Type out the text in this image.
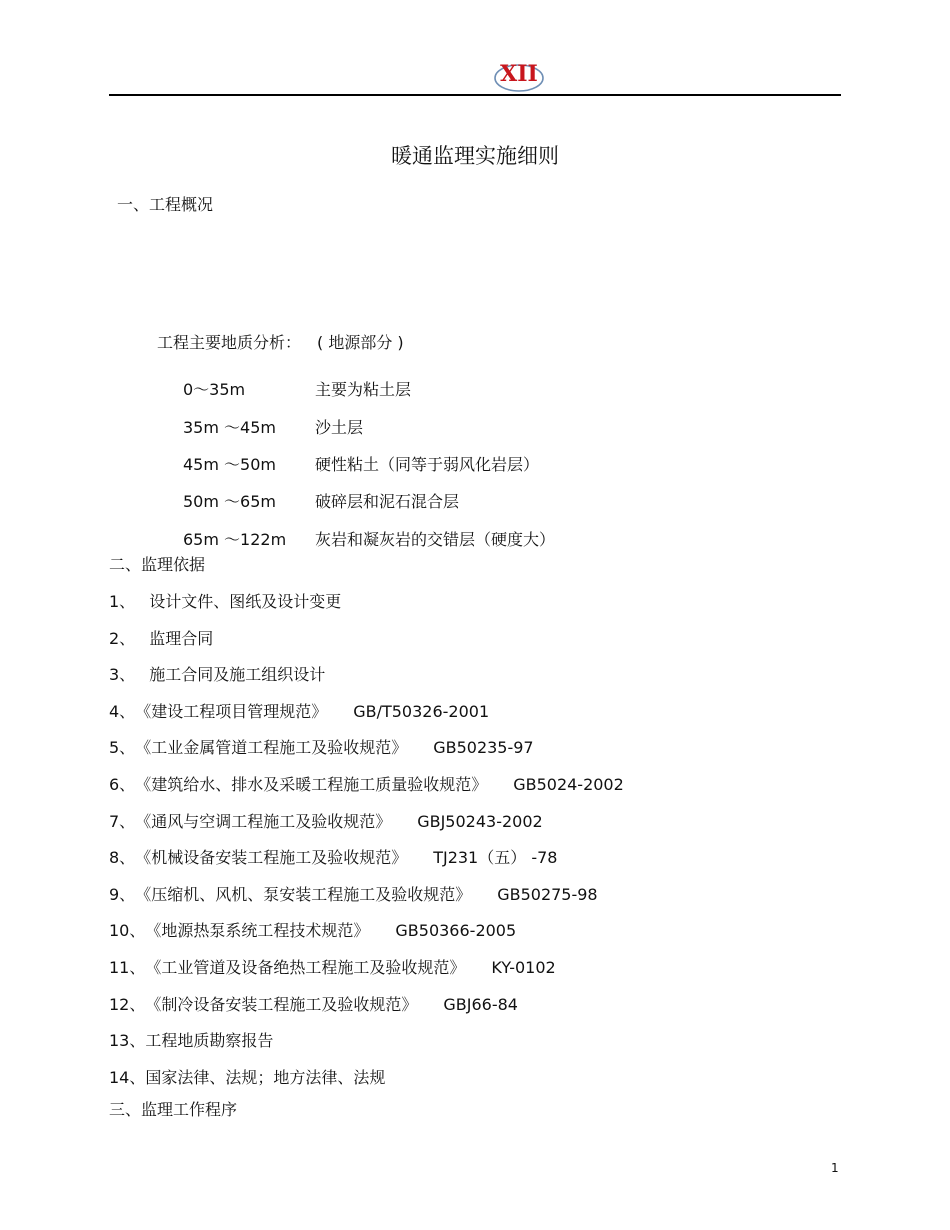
XII
暖通监理实施细则
一、工程概况
工程主要地质分析： ( 地源部分 )
0～35m	主要为粘土层
35m ～45m 沙土层
45m ～50m 硬性粘土（同等于弱风化岩层）
50m ～65m 破碎层和泥石混合层
65m ～122m 灰岩和凝灰岩的交错层（硬度大）
二、监理依据
1、 设计文件、图纸及设计变更
2、 监理合同
3、 施工合同及施工组织设计
4、《建设工程项目管理规范》 GB/T50326-2001
5、《工业金属管道工程施工及验收规范》 GB50235-97
6、《建筑给水、排水及采暖工程施工质量验收规范》 GB5024-2002
7、《通风与空调工程施工及验收规范》 GBJ50243-2002
8、《机械设备安装工程施工及验收规范》 TJ231（五） -78
9、《压缩机、风机、泵安装工程施工及验收规范》 GB50275-98
10、《地源热泵系统工程技术规范》 GB50366-2005
11、《工业管道及设备绝热工程施工及验收规范》 KY-0102
12、《制冷设备安装工程施工及验收规范》 GBJ66-84
13、工程地质勘察报告
14、国家法律、法规；地方法律、法规
三、监理工作程序
1
